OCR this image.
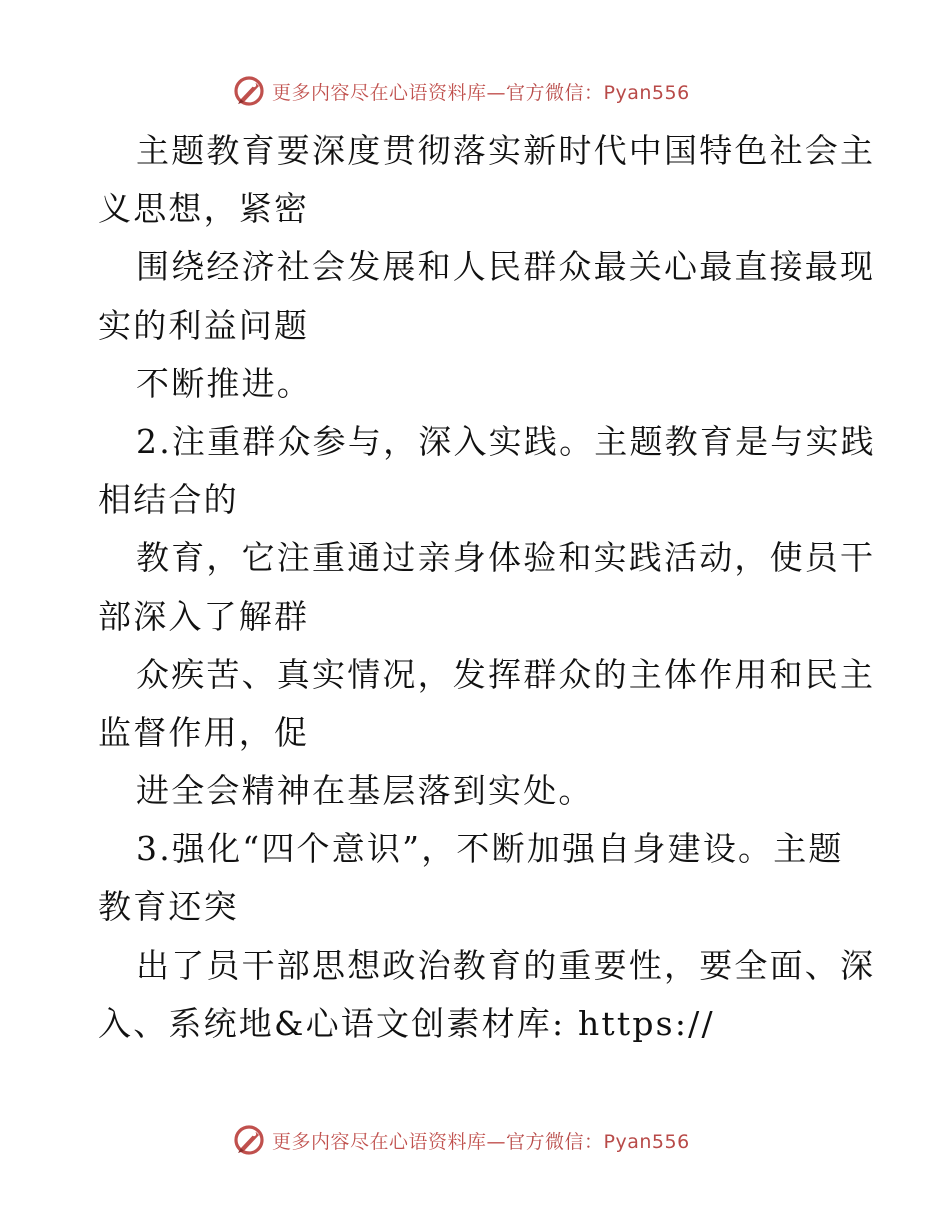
更多内容尽在心语资料库—官方微信：Pyan556
主题教育要深度贯彻落实新时代中国特色社会主
义思想，紧密
围绕经济社会发展和人民群众最关心最直接最现
实的利益问题
不断推进。
2.注重群众参与，深入实践。主题教育是与实践
相结合的
教育，它注重通过亲身体验和实践活动，使员干
部深入了解群
众疾苦、真实情况，发挥群众的主体作用和民主
监督作用，促
进全会精神在基层落到实处。
3.强化“四个意识”，不断加强自身建设。主题
教育还突
出了员干部思想政治教育的重要性，要全面、深
入、系统地&心语文创素材库: https://
更多内容尽在心语资料库—官方微信：Pyan556
